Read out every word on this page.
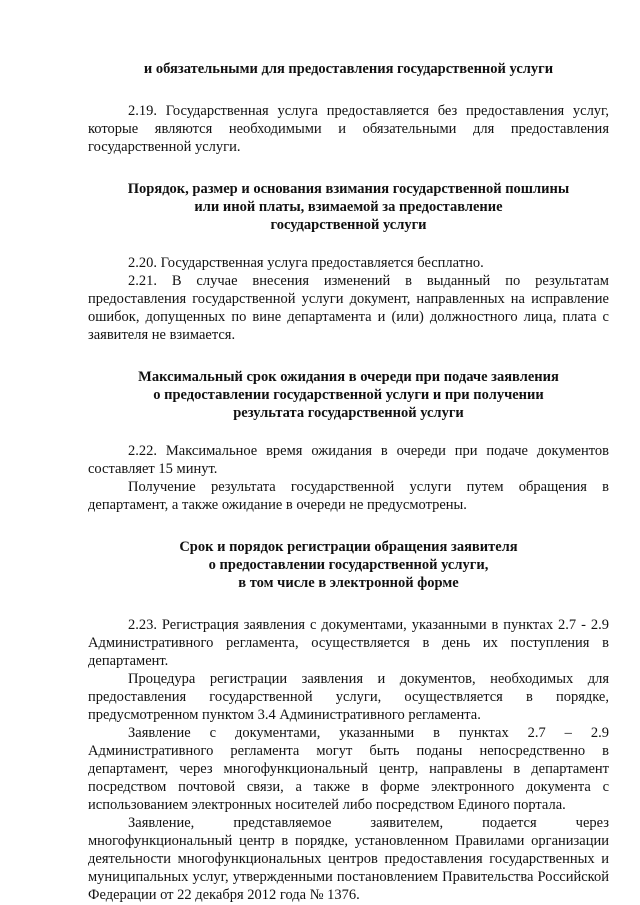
и обязательными для предоставления государственной услуги

2.19. Государственная услуга предоставляется без предоставления услуг, которые являются необходимыми и обязательными для предоставления государственной услуги.

Порядок, размер и основания взимания государственной пошлины
или иной платы, взимаемой за предоставление
государственной услуги

2.20. Государственная услуга предоставляется бесплатно.

2.21. В случае внесения изменений в выданный по результатам предоставления государственной услуги документ, направленных на исправление ошибок, допущенных по вине департамента и (или) должностного лица, плата с заявителя не взимается.

Максимальный срок ожидания в очереди при подаче заявления
о предоставлении государственной услуги и при получении
результата государственной услуги

2.22. Максимальное время ожидания в очереди при подаче документов составляет 15 минут.

Получение результата государственной услуги путем обращения в департамент, а также ожидание в очереди не предусмотрены.

Срок и порядок регистрации обращения заявителя
о предоставлении государственной услуги,
в том числе в электронной форме

2.23. Регистрация заявления с документами, указанными в пунктах 2.7 - 2.9 Административного регламента, осуществляется в день их поступления в департамент.

Процедура регистрации заявления и документов, необходимых для предоставления государственной услуги, осуществляется в порядке, предусмотренном пунктом 3.4 Административного регламента.

Заявление с документами, указанными в пунктах 2.7 – 2.9 Административного регламента могут быть поданы непосредственно в департамент, через многофункциональный центр, направлены в департамент посредством почтовой связи, а также в форме электронного документа с использованием электронных носителей либо посредством Единого портала.

Заявление, представляемое заявителем, подается через многофункциональный центр в порядке, установленном Правилами организации деятельности многофункциональных центров предоставления государственных и муниципальных услуг, утвержденными постановлением Правительства Российской Федерации от 22 декабря 2012 года № 1376.
